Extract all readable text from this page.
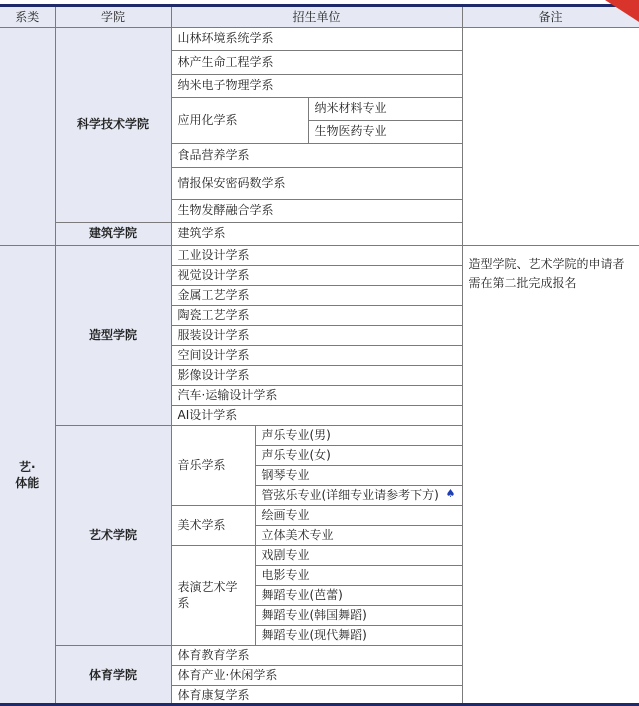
系类	学院	招生单位			备注
	科学技术学院	山林环境系统学系			
		林产生命工程学系			
		纳米电子物理学系			
		应用化学系		纳米材料专业	
				生物医药专业	
		食品营养学系			
		情报保安密码数学系			
		生物发酵融合学系			
	建筑学院	建筑学系			
艺·
体能	造型学院	工业设计学系			造型学院、艺术学院的申请者需在第二批完成报名

		视觉设计学系			
		金属工艺学系			
		陶瓷工艺学系			
		服装设计学系			
		空间设计学系			
		影像设计学系			
		汽车·运输设计学系			
		AI设计学系			
	艺术学院	音乐学系	声乐专业(男)		
			声乐专业(女)		
			钢琴专业		
			管弦乐专业(详细专业请参考下方) ♠		

		美术学系	绘画专业		
			立体美术专业		
		表演艺术学系	戏剧专业		
			电影专业		
			舞蹈专业(芭蕾)		
			舞蹈专业(韩国舞蹈)		
			舞蹈专业(现代舞蹈)		
	体育学院	体育教育学系			
		体育产业·休闲学系			
		体育康复学系			
